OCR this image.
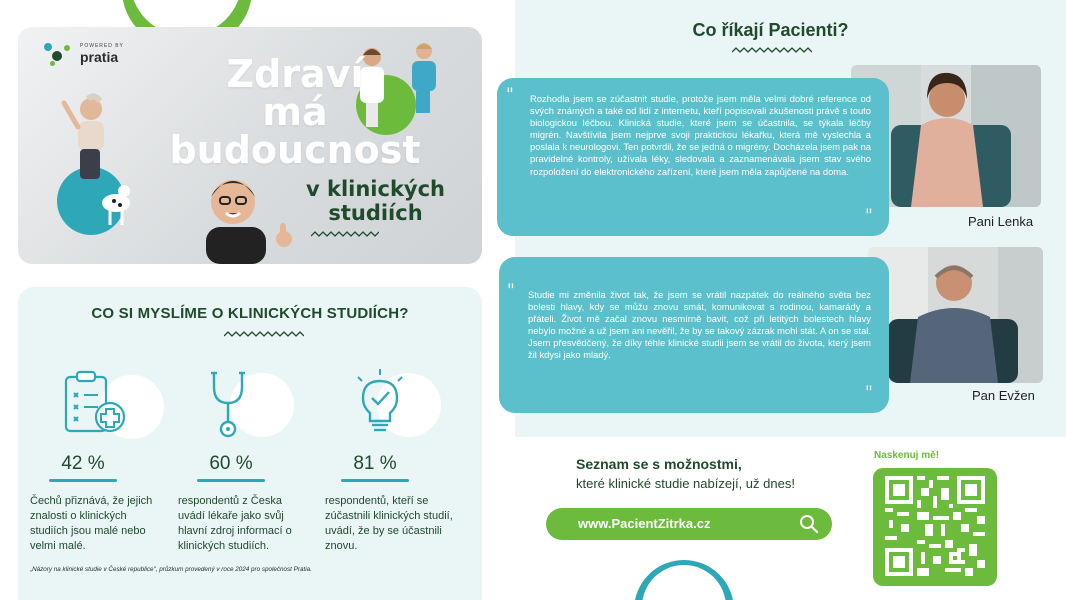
POWERED BY
pratia	Zdraví
má
budoucnost
v klinických
studiích
CO SI MYSLÍME O KLINICKÝCH STUDIÍCH?
42 %
Čechů přiznává, že jejich
znalosti o klinických
studiích jsou malé nebo
velmi malé.
60 %
respondentů z Česka
uvádí lékaře jako svůj
hlavní zdroj informací o
klinických studiích.
81 %
respondentů, kteří se
zúčastnili klinických studií,
uvádí, že by se účastnili
znovu.
„Názory na klinické studie v České republice", průzkum provedený v roce 2024 pro společnost Pratia.
Co říkají Pacienti?
" Rozhodla jsem se zúčastnit studie, protože jsem měla velmi dobré reference od svých známých a také od lidí z internetu, kteří popisovali zkušenosti právě s touto biologickou léčbou. Klinická studie, které jsem se účastnila, se týkala léčby migrén. Navštívila jsem nejprve svoji praktickou lékařku, která mě vyslechla a poslala k neurologovi. Ten potvrdil, že se jedná o migrény. Docházela jsem pak na pravidelné kontroly, užívala léky, sledovala a zaznamenávala jsem stav svého rozpoložení do elektronického zařízení, které jsem měla zapůjčené na doma.
"	Pani Lenka
" Studie mi změnila život tak, že jsem se vrátil nazpátek do reálného světa bez bolesti hlavy, kdy se můžu znovu smát, komunikovat s rodinou, kamarády a přáteli. Život mě začal znovu nesmírně bavit, což při letitých bolestech hlavy nebylo možné a už jsem ani nevěřil, že by se takový zázrak mohl stát. A on se stal. Jsem přesvědčený, že díky téhle klinické studii jsem se vrátil do života, který jsem žil kdysi jako mladý.
"	Pan Evžen
Seznam se s možnostmi,
které klinické studie nabízejí, už dnes!
www.PacientZitrka.cz
Naskenuj mě!
